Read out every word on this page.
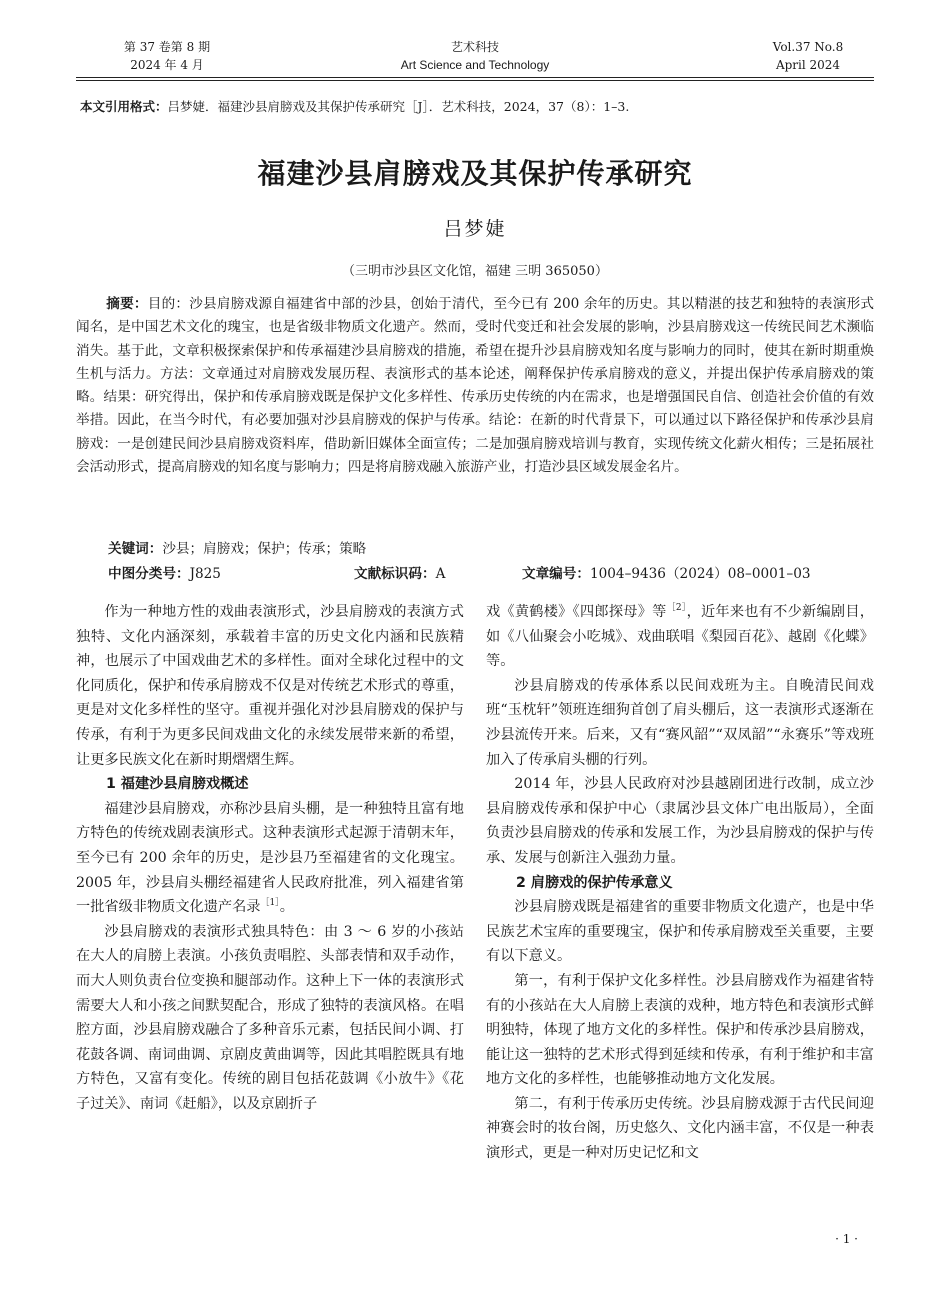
第 37 卷第 8 期
2024 年 4 月
艺术科技
Art Science and Technology
Vol.37 No.8
April 2024
本文引用格式：吕梦婕．福建沙县肩膀戏及其保护传承研究［J］．艺术科技，2024，37（8）：1–3.
福建沙县肩膀戏及其保护传承研究
吕梦婕
（三明市沙县区文化馆，福建 三明 365050）
摘要：目的：沙县肩膀戏源自福建省中部的沙县，创始于清代，至今已有 200 余年的历史。其以精湛的技艺和独特的表演形式闻名，是中国艺术文化的瑰宝，也是省级非物质文化遗产。然而，受时代变迁和社会发展的影响，沙县肩膀戏这一传统民间艺术濒临消失。基于此，文章积极探索保护和传承福建沙县肩膀戏的措施，希望在提升沙县肩膀戏知名度与影响力的同时，使其在新时期重焕生机与活力。方法：文章通过对肩膀戏发展历程、表演形式的基本论述，阐释保护传承肩膀戏的意义，并提出保护传承肩膀戏的策略。结果：研究得出，保护和传承肩膀戏既是保护文化多样性、传承历史传统的内在需求，也是增强国民自信、创造社会价值的有效举措。因此，在当今时代，有必要加强对沙县肩膀戏的保护与传承。结论：在新的时代背景下，可以通过以下路径保护和传承沙县肩膀戏：一是创建民间沙县肩膀戏资料库，借助新旧媒体全面宣传；二是加强肩膀戏培训与教育，实现传统文化薪火相传；三是拓展社会活动形式，提高肩膀戏的知名度与影响力；四是将肩膀戏融入旅游产业，打造沙县区域发展金名片。
关键词：沙县；肩膀戏；保护；传承；策略
中图分类号：J825	文献标识码：A	文章编号：1004–9436（2024）08–0001–03

作为一种地方性的戏曲表演形式，沙县肩膀戏的表演方式独特、文化内涵深刻，承载着丰富的历史文化内涵和民族精神，也展示了中国戏曲艺术的多样性。面对全球化过程中的文化同质化，保护和传承肩膀戏不仅是对传统艺术形式的尊重，更是对文化多样性的坚守。重视并强化对沙县肩膀戏的保护与传承，有利于为更多民间戏曲文化的永续发展带来新的希望，让更多民族文化在新时期熠熠生辉。

1 福建沙县肩膀戏概述

福建沙县肩膀戏，亦称沙县肩头棚，是一种独特且富有地方特色的传统戏剧表演形式。这种表演形式起源于清朝末年，至今已有 200 余年的历史，是沙县乃至福建省的文化瑰宝。2005 年，沙县肩头棚经福建省人民政府批准，列入福建省第一批省级非物质文化遗产名录$^{[1]}$。

沙县肩膀戏的表演形式独具特色：由 3 ～ 6 岁的小孩站在大人的肩膀上表演。小孩负责唱腔、头部表情和双手动作，而大人则负责台位变换和腿部动作。这种上下一体的表演形式需要大人和小孩之间默契配合，形成了独特的表演风格。在唱腔方面，沙县肩膀戏融合了多种音乐元素，包括民间小调、打花鼓各调、南词曲调、京剧皮黄曲调等，因此其唱腔既具有地方特色，又富有变化。传统的剧目包括花鼓调《小放牛》《花子过关》、南词《赶船》，以及京剧折子

戏《黄鹤楼》《四郎探母》等$^{[2]}$，近年来也有不少新编剧目，如《八仙聚会小吃城》、戏曲联唱《梨园百花》、越剧《化蝶》等。

沙县肩膀戏的传承体系以民间戏班为主。自晚清民间戏班“玉枕轩”领班连细狗首创了肩头棚后，这一表演形式逐渐在沙县流传开来。后来，又有“赛风韶”“双凤韶”“永赛乐”等戏班加入了传承肩头棚的行列。

2014 年，沙县人民政府对沙县越剧团进行改制，成立沙县肩膀戏传承和保护中心（隶属沙县文体广电出版局），全面负责沙县肩膀戏的传承和发展工作，为沙县肩膀戏的保护与传承、发展与创新注入强劲力量。

2 肩膀戏的保护传承意义

沙县肩膀戏既是福建省的重要非物质文化遗产，也是中华民族艺术宝库的重要瑰宝，保护和传承肩膀戏至关重要，主要有以下意义。

第一，有利于保护文化多样性。沙县肩膀戏作为福建省特有的小孩站在大人肩膀上表演的戏种，地方特色和表演形式鲜明独特，体现了地方文化的多样性。保护和传承沙县肩膀戏，能让这一独特的艺术形式得到延续和传承，有利于维护和丰富地方文化的多样性，也能够推动地方文化发展。

第二，有利于传承历史传统。沙县肩膀戏源于古代民间迎神赛会时的妆台阁，历史悠久、文化内涵丰富，不仅是一种表演形式，更是一种对历史记忆和文

· 1 ·
